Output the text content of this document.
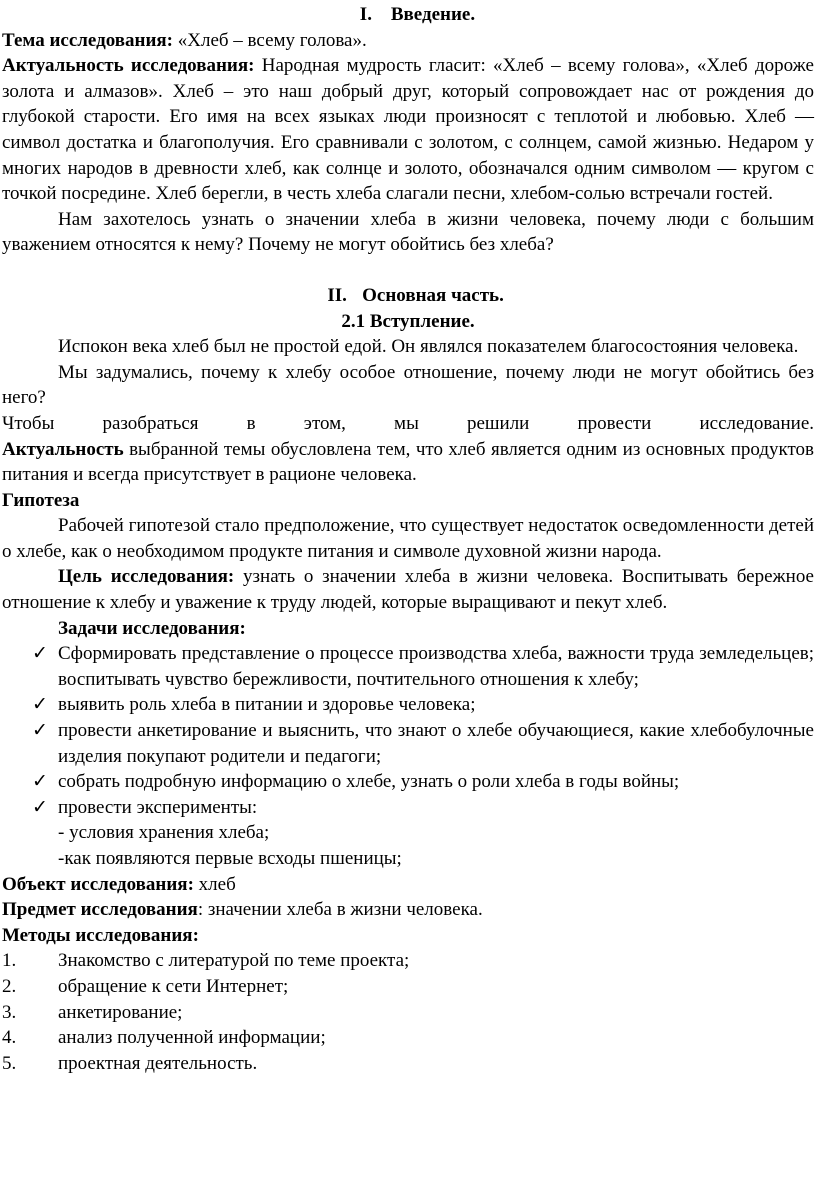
I. Введение.
Тема исследования: «Хлеб – всему голова».
Актуальность исследования: Народная мудрость гласит: «Хлеб – всему голова», «Хлеб дороже золота и алмазов». Хлеб – это наш добрый друг, который сопровождает нас от рождения до глубокой старости. Его имя на всех языках люди произносят с теплотой и любовью. Хлеб — символ достатка и благополучия. Его сравнивали с золотом, с солнцем, самой жизнью. Недаром у многих народов в древности хлеб, как солнце и золото, обозначался одним символом — кругом с точкой посредине. Хлеб берегли, в честь хлеба слагали песни, хлебом-солью встречали гостей.
Нам захотелось узнать о значении хлеба в жизни человека, почему люди с большим уважением относятся к нему? Почему не могут обойтись без хлеба?
II. Основная часть.
2.1 Вступление.
Испокон века хлеб был не простой едой. Он являлся показателем благосостояния человека.
Мы задумались, почему к хлебу особое отношение, почему люди не могут обойтись без него?
Чтобы разобраться в этом, мы решили провести исследование.
Актуальность выбранной темы обусловлена тем, что хлеб является одним из основных продуктов питания и всегда присутствует в рационе человека.
Гипотеза
Рабочей гипотезой стало предположение, что существует недостаток осведомленности детей о хлебе, как о необходимом продукте питания и символе духовной жизни народа.
Цель исследования: узнать о значении хлеба в жизни человека. Воспитывать бережное отношение к хлебу и уважение к труду людей, которые выращивают и пекут хлеб.
Задачи исследования:
✓ Сформировать представление о процессе производства хлеба, важности труда земледельцев; воспитывать чувство бережливости, почтительного отношения к хлебу;
✓ выявить роль хлеба в питании и здоровье человека;
✓ провести анкетирование и выяснить, что знают о хлебе обучающиеся, какие хлебобулочные изделия покупают родители и педагоги;
✓ собрать подробную информацию о хлебе, узнать о роли хлеба в годы войны;
✓ провести эксперименты:
- условия хранения хлеба;
-как появляются первые всходы пшеницы;
Объект исследования: хлеб
Предмет исследования: значении хлеба в жизни человека.
Методы исследования:
1. Знакомство с литературой по теме проекта;
2. обращение к сети Интернет;
3. анкетирование;
4. анализ полученной информации;
5. проектная деятельность.
